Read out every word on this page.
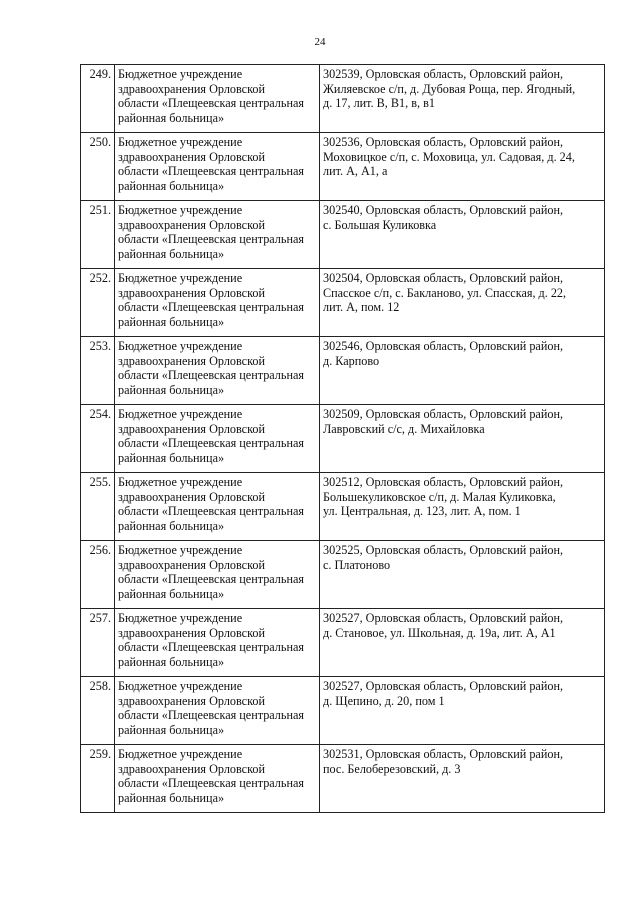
24
249.	Бюджетное учреждение
здравоохранения Орловской
области «Плещеевская центральная
районная больница»	302539, Орловская область, Орловский район,
Жиляевское с/п, д. Дубовая Роща, пер. Ягодный,
д. 17, лит. В, В1, в, в1
250.	Бюджетное учреждение
здравоохранения Орловской
области «Плещеевская центральная
районная больница»	302536, Орловская область, Орловский район,
Моховицкое с/п, с. Моховица, ул. Садовая, д. 24,
лит. А, А1, а
251.	Бюджетное учреждение
здравоохранения Орловской
области «Плещеевская центральная
районная больница»	302540, Орловская область, Орловский район,
с. Большая Куликовка
252.	Бюджетное учреждение
здравоохранения Орловской
области «Плещеевская центральная
районная больница»	302504, Орловская область, Орловский район,
Спасское с/п, с. Бакланово, ул. Спасская, д. 22,
лит. А, пом. 12
253.	Бюджетное учреждение
здравоохранения Орловской
области «Плещеевская центральная
районная больница»	302546, Орловская область, Орловский район,
д. Карпово
254.	Бюджетное учреждение
здравоохранения Орловской
области «Плещеевская центральная
районная больница»	302509, Орловская область, Орловский район,
Лавровский с/с, д. Михайловка
255.	Бюджетное учреждение
здравоохранения Орловской
области «Плещеевская центральная
районная больница»	302512, Орловская область, Орловский район,
Большекуликовское с/п, д. Малая Куликовка,
ул. Центральная, д. 123, лит. А, пом. 1
256.	Бюджетное учреждение
здравоохранения Орловской
области «Плещеевская центральная
районная больница»	302525, Орловская область, Орловский район,
с. Платоново
257.	Бюджетное учреждение
здравоохранения Орловской
области «Плещеевская центральная
районная больница»	302527, Орловская область, Орловский район,
д. Становое, ул. Школьная, д. 19а, лит. А, А1
258.	Бюджетное учреждение
здравоохранения Орловской
области «Плещеевская центральная
районная больница»	302527, Орловская область, Орловский район,
д. Щепино, д. 20, пом 1
259.	Бюджетное учреждение
здравоохранения Орловской
области «Плещеевская центральная
районная больница»	302531, Орловская область, Орловский район,
пос. Белоберезовский, д. 3
